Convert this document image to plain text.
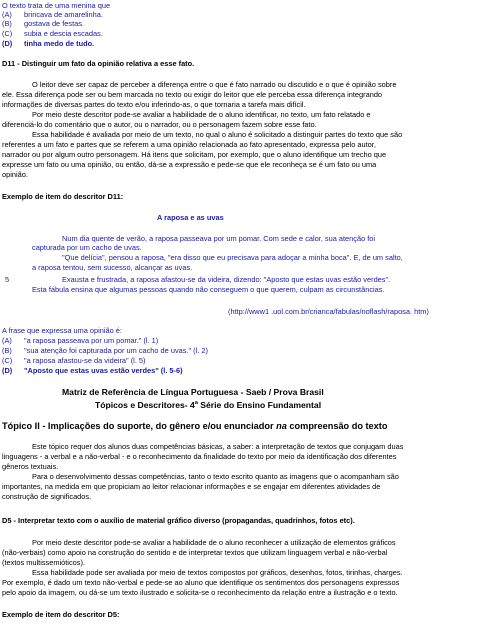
O texto trata de uma menina que
(A) brincava de amarelinha.
(B) gostava de festas.
(C) subia e descia escadas.
(D) tinha medo de tudo.
D11 - Distinguir um fato da opinião relativa a esse fato.
O leitor deve ser capaz de perceber a diferença entre o que é fato narrado ou discutido e o que é opinião sobre
ele. Essa diferença pode ser ou bem marcada no texto ou exigir do leitor que ele perceba essa diferença integrando
informações de diversas partes do texto e/ou inferindo-as, o que tornaria a tarefa mais difícil.
Por meio deste descritor pode-se avaliar a habilidade de o aluno identificar, no texto, um fato relatado e
diferenciá-lo do comentário que o autor, ou o narrador, ou o personagem fazem sobre esse fato.
Essa habilidade é avaliada por meio de um texto, no qual o aluno é solicitado a distinguir partes do texto que são
referentes a um fato e partes que se referem a uma opinião relacionada ao fato apresentado, expressa pelo autor,
narrador ou por algum outro personagem. Há itens que solicitam, por exemplo, que o aluno identifique um trecho que
expresse um fato ou uma opinião, ou então, dá-se a expressão e pede-se que ele reconheça se é um fato ou uma
opinião.
Exemplo de item do descritor D11:
A raposa e as uvas
Num dia quente de verão, a raposa passeava por um pomar. Com sede e calor, sua atenção foi
capturada por um cacho de uvas.
"Que delícia", pensou a raposa, "era disso que eu precisava para adoçar a minha boca". E, de um salto,
a raposa tentou, sem sucesso, alcançar as uvas.
5	Exausta e frustrada, a raposa afastou-se da videira, dizendo: "Aposto que estas uvas estão verdes".
Esta fábula ensina que algumas pessoas quando não conseguem o que querem, culpam as circunstâncias.
(http://www1 .uol.com.br/crianca/fabulas/noflash/raposa. htm)
A frase que expressa uma opinião é:
(A) "a raposa passeava por um pomar." (l. 1)
(B) "sua atenção foi capturada por um cacho de uvas." (l. 2)
(C) "a raposa afastou-se da videira" (l. 5)
(D) "Aposto que estas uvas estão verdes" (l. 5-6)
Matriz de Referência de Língua Portuguesa - Saeb / Prova Brasil
Tópicos e Descritores- 4$^a$ Série do Ensino Fundamental
Tópico II - Implicações do suporte, do gênero e/ou enunciador na compreensão do texto
Este tópico requer dos alunos duas competências básicas, a saber: a interpretação de textos que conjugam duas
linguagens - a verbal e a não-verbal - e o reconhecimento da finalidade do texto por meio da identificação dos diferentes
gêneros textuais.
Para o desenvolvimento dessas competências, tanto o texto escrito quanto as imagens que o acompanham são
importantes, na medida em que propiciam ao leitor relacionar informações e se engajar em diferentes atividades de
construção de significados.
D5 - Interpretar texto com o auxílio de material gráfico diverso (propagandas, quadrinhos, fotos etc).
Por meio deste descritor pode-se avaliar a habilidade de o aluno reconhecer a utilização de elementos gráficos
(não-verbais) como apoio na construção do sentido e de interpretar textos que utilizam linguagem verbal e não-verbal
(textos multissemióticos).
Essa habilidade pode ser avaliada por meio de textos compostos por gráficos, desenhos, fotos, tirinhas, charges.
Por exemplo, é dado um texto não-verbal e pede-se ao aluno que identifique os sentimentos dos personagens expressos
pelo apoio da imagem, ou dá-se um texto ilustrado e solicita-se o reconhecimento da relação entre a ilustração e o texto.
Exemplo de item do descritor D5:
